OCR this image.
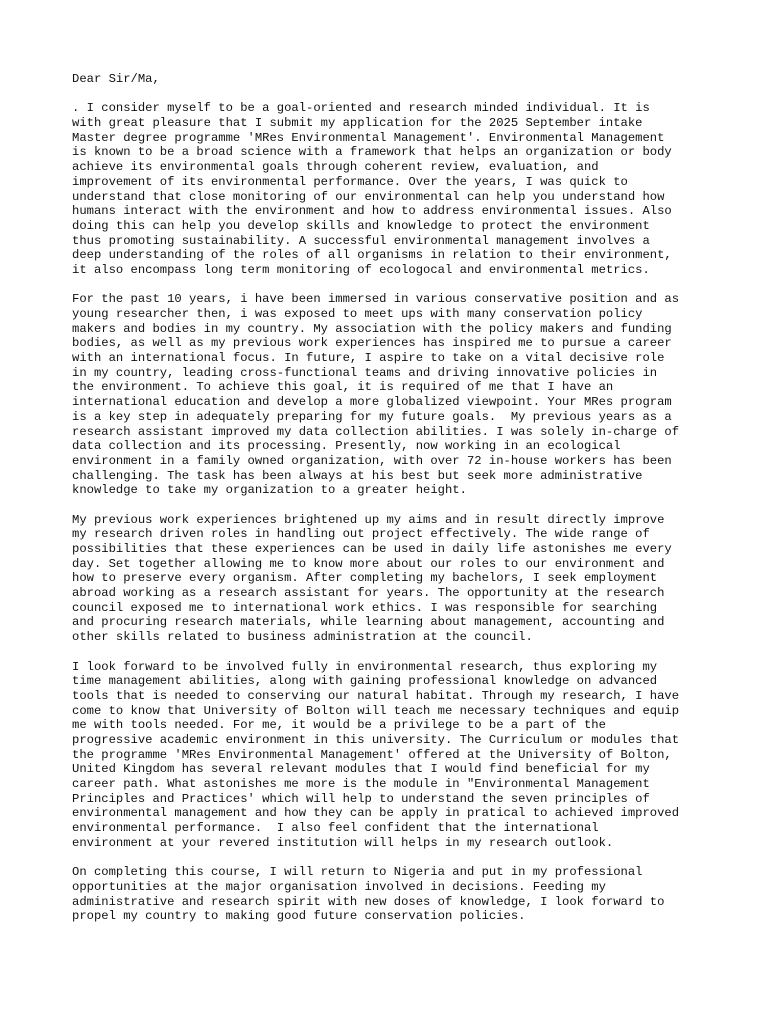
Dear Sir/Ma,
. I consider myself to be a goal-oriented and research minded individual. It is
with great pleasure that I submit my application for the 2025 September intake
Master degree programme 'MRes Environmental Management'. Environmental Management
is known to be a broad science with a framework that helps an organization or body
achieve its environmental goals through coherent review, evaluation, and
improvement of its environmental performance. Over the years, I was quick to
understand that close monitoring of our environmental can help you understand how
humans interact with the environment and how to address environmental issues. Also
doing this can help you develop skills and knowledge to protect the environment
thus promoting sustainability. A successful environmental management involves a
deep understanding of the roles of all organisms in relation to their environment,
it also encompass long term monitoring of ecologocal and environmental metrics.
For the past 10 years, i have been immersed in various conservative position and as
young researcher then, i was exposed to meet ups with many conservation policy
makers and bodies in my country. My association with the policy makers and funding
bodies, as well as my previous work experiences has inspired me to pursue a career
with an international focus. In future, I aspire to take on a vital decisive role
in my country, leading cross-functional teams and driving innovative policies in
the environment. To achieve this goal, it is required of me that I have an
international education and develop a more globalized viewpoint. Your MRes program
is a key step in adequately preparing for my future goals.  My previous years as a
research assistant improved my data collection abilities. I was solely in-charge of
data collection and its processing. Presently, now working in an ecological
environment in a family owned organization, with over 72 in-house workers has been
challenging. The task has been always at his best but seek more administrative
knowledge to take my organization to a greater height.
My previous work experiences brightened up my aims and in result directly improve
my research driven roles in handling out project effectively. The wide range of
possibilities that these experiences can be used in daily life astonishes me every
day. Set together allowing me to know more about our roles to our environment and
how to preserve every organism. After completing my bachelors, I seek employment
abroad working as a research assistant for years. The opportunity at the research
council exposed me to international work ethics. I was responsible for searching
and procuring research materials, while learning about management, accounting and
other skills related to business administration at the council.
I look forward to be involved fully in environmental research, thus exploring my
time management abilities, along with gaining professional knowledge on advanced
tools that is needed to conserving our natural habitat. Through my research, I have
come to know that University of Bolton will teach me necessary techniques and equip
me with tools needed. For me, it would be a privilege to be a part of the
progressive academic environment in this university. The Curriculum or modules that
the programme 'MRes Environmental Management' offered at the University of Bolton,
United Kingdom has several relevant modules that I would find beneficial for my
career path. What astonishes me more is the module in "Environmental Management
Principles and Practices' which will help to understand the seven principles of
environmental management and how they can be apply in pratical to achieved improved
environmental performance.  I also feel confident that the international
environment at your revered institution will helps in my research outlook.
On completing this course, I will return to Nigeria and put in my professional
opportunities at the major organisation involved in decisions. Feeding my
administrative and research spirit with new doses of knowledge, I look forward to
propel my country to making good future conservation policies.
